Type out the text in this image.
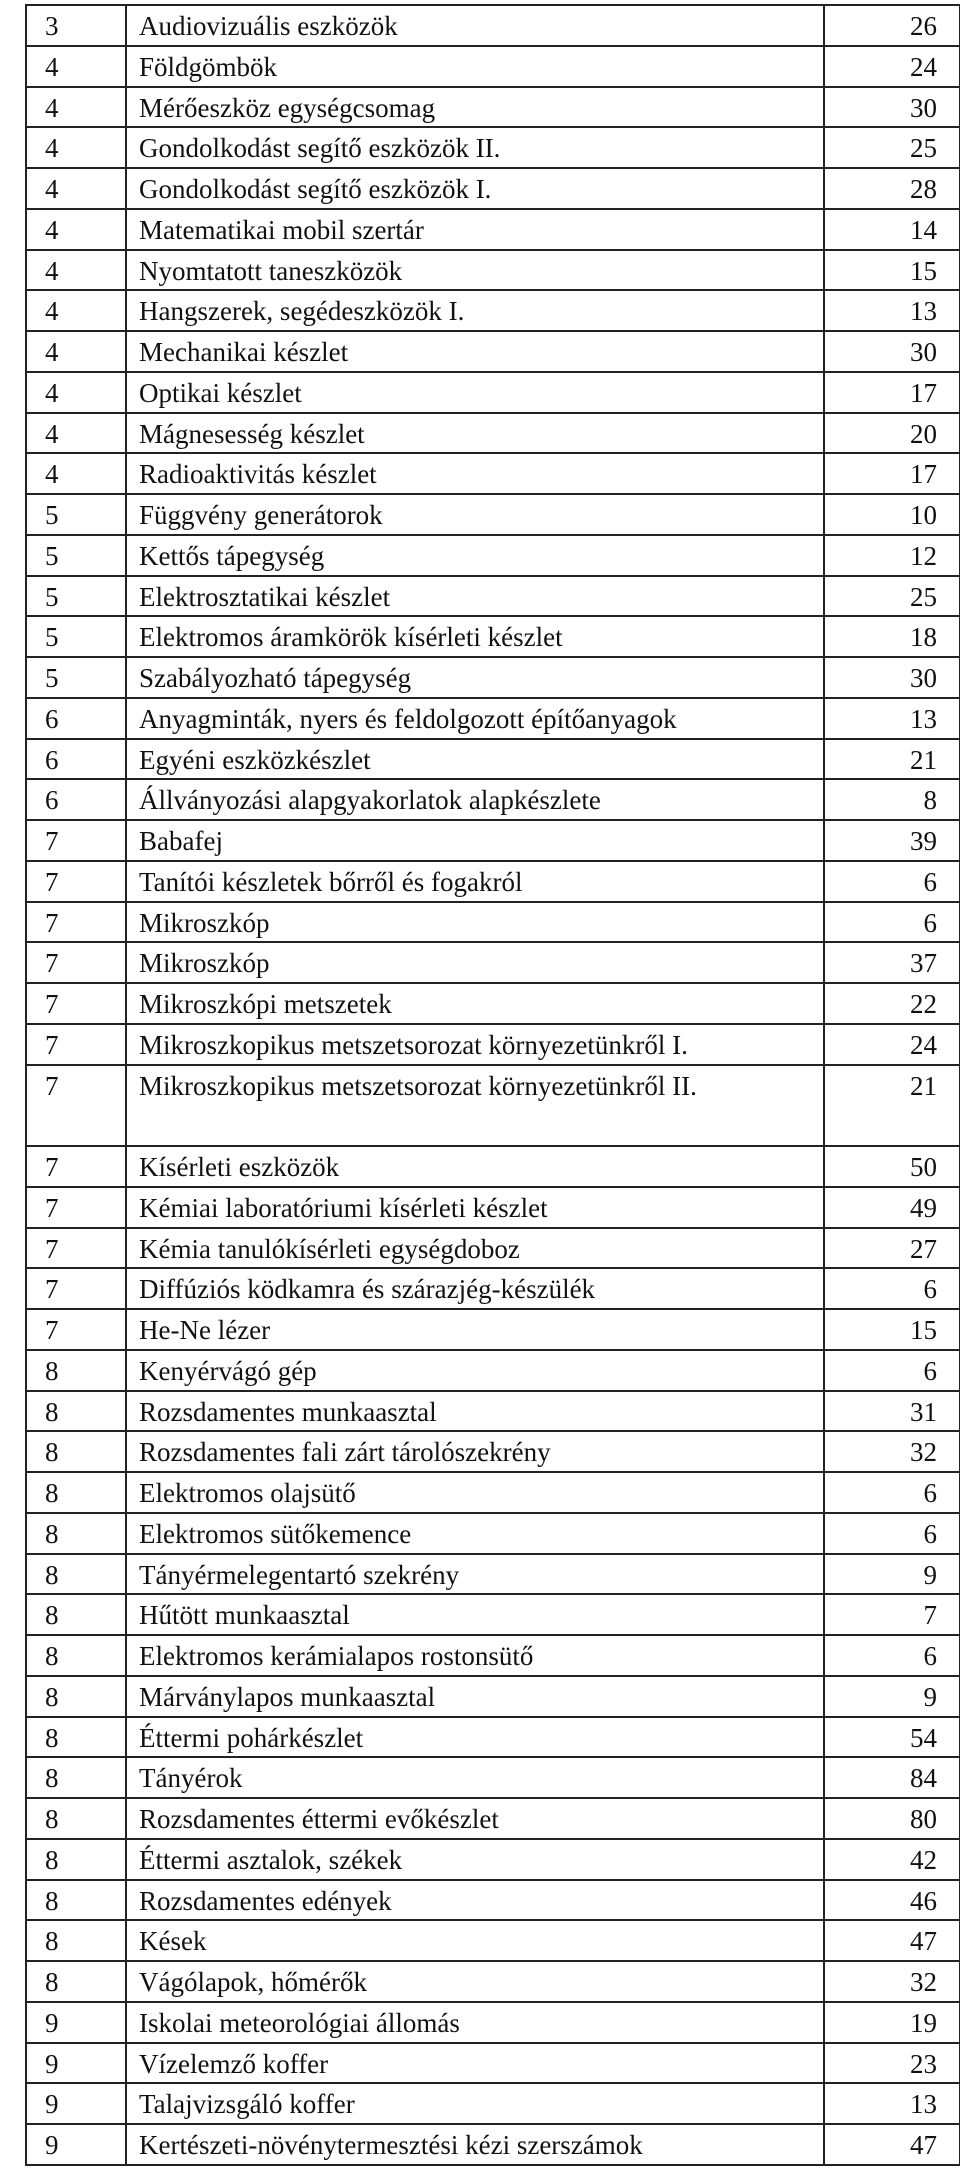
3	Audiovizuális eszközök	26
4	Földgömbök	24
4	Mérőeszköz egységcsomag	30
4	Gondolkodást segítő eszközök II.	25
4	Gondolkodást segítő eszközök I.	28
4	Matematikai mobil szertár	14
4	Nyomtatott taneszközök	15
4	Hangszerek, segédeszközök I.	13
4	Mechanikai készlet	30
4	Optikai készlet	17
4	Mágnesesség készlet	20
4	Radioaktivitás készlet	17
5	Függvény generátorok	10
5	Kettős tápegység	12
5	Elektrosztatikai készlet	25
5	Elektromos áramkörök kísérleti készlet	18
5	Szabályozható tápegység	30
6	Anyagminták, nyers és feldolgozott építőanyagok	13
6	Egyéni eszközkészlet	21
6	Állványozási alapgyakorlatok alapkészlete	8
7	Babafej	39
7	Tanítói készletek bőrről és fogakról	6
7	Mikroszkóp	6
7	Mikroszkóp	37
7	Mikroszkópi metszetek	22
7	Mikroszkopikus metszetsorozat környezetünkről I.	24
7	Mikroszkopikus metszetsorozat környezetünkről II.	21
7	Kísérleti eszközök	50
7	Kémiai laboratóriumi kísérleti készlet	49
7	Kémia tanulókísérleti egységdoboz	27
7	Diffúziós ködkamra és szárazjég-készülék	6
7	He-Ne lézer	15
8	Kenyérvágó gép	6
8	Rozsdamentes munkaasztal	31
8	Rozsdamentes fali zárt tárolószekrény	32
8	Elektromos olajsütő	6
8	Elektromos sütőkemence	6
8	Tányérmelegentartó szekrény	9
8	Hűtött munkaasztal	7
8	Elektromos kerámialapos rostonsütő	6
8	Márványlapos munkaasztal	9
8	Éttermi pohárkészlet	54
8	Tányérok	84
8	Rozsdamentes éttermi evőkészlet	80
8	Éttermi asztalok, székek	42
8	Rozsdamentes edények	46
8	Kések	47
8	Vágólapok, hőmérők	32
9	Iskolai meteorológiai állomás	19
9	Vízelemző koffer	23
9	Talajvizsgáló koffer	13
9	Kertészeti-növénytermesztési kézi szerszámok	47
